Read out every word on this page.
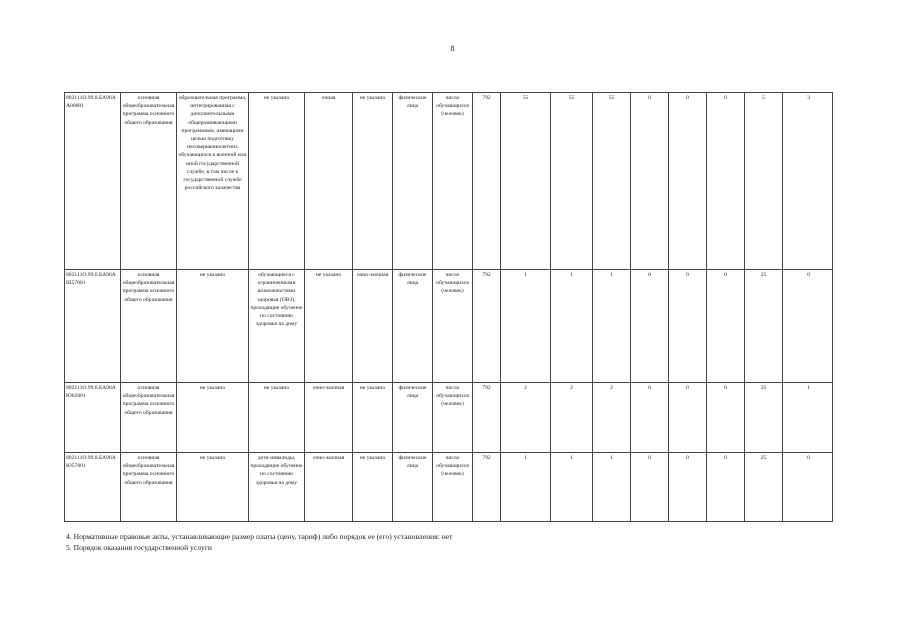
8
802111О.99.0.БА96АА00001	основная общеобразовательная программа основного общего образования	образовательная программа, интегрированная с дополнительными общеразвивающими программами, имеющими целью подготовку несовершеннолетних обучающихся к военной или иной государственной службе, в том числе к государственной службе российского казачества	не указано	очная	не указано	физические лица	число обучающихся (человек)	792	55	55	55	0	0	0	5	3
802111О.99.0.БА96АШ57001	основная общеобразовательная программа основного общего образования	не указано	обучающиеся с ограниченными возможностями здоровья (ОВЗ), проходящие обучение по состоянию здоровья на дому	не указано	очно-заочная	физические лица	число обучающихся (человек)	792	1	1	1	0	0	0	25	0
802111О.99.0.БА96АЮ62001	основная общеобразовательная программа основного общего образования	не указано	не указано	очно-заочная	не указано	физические лица	число обучающихся (человек)	792	2	2	2	0	0	0	25	1
802111О.99.0.БА96АЮ57001	основная общеобразовательная программа основного общего образования	не указано	дети-инвалиды, проходящие обучение по состоянию здоровья на дому	очно-заочная	не указано	физические лица	число обучающихся (человек)	792	1	1	1	0	0	0	25	0
4. Нормативные правовые акты, устанавливающие размер платы (цену, тариф) либо порядок ее (его) установления: нет
5. Порядок оказания государственной услуги
